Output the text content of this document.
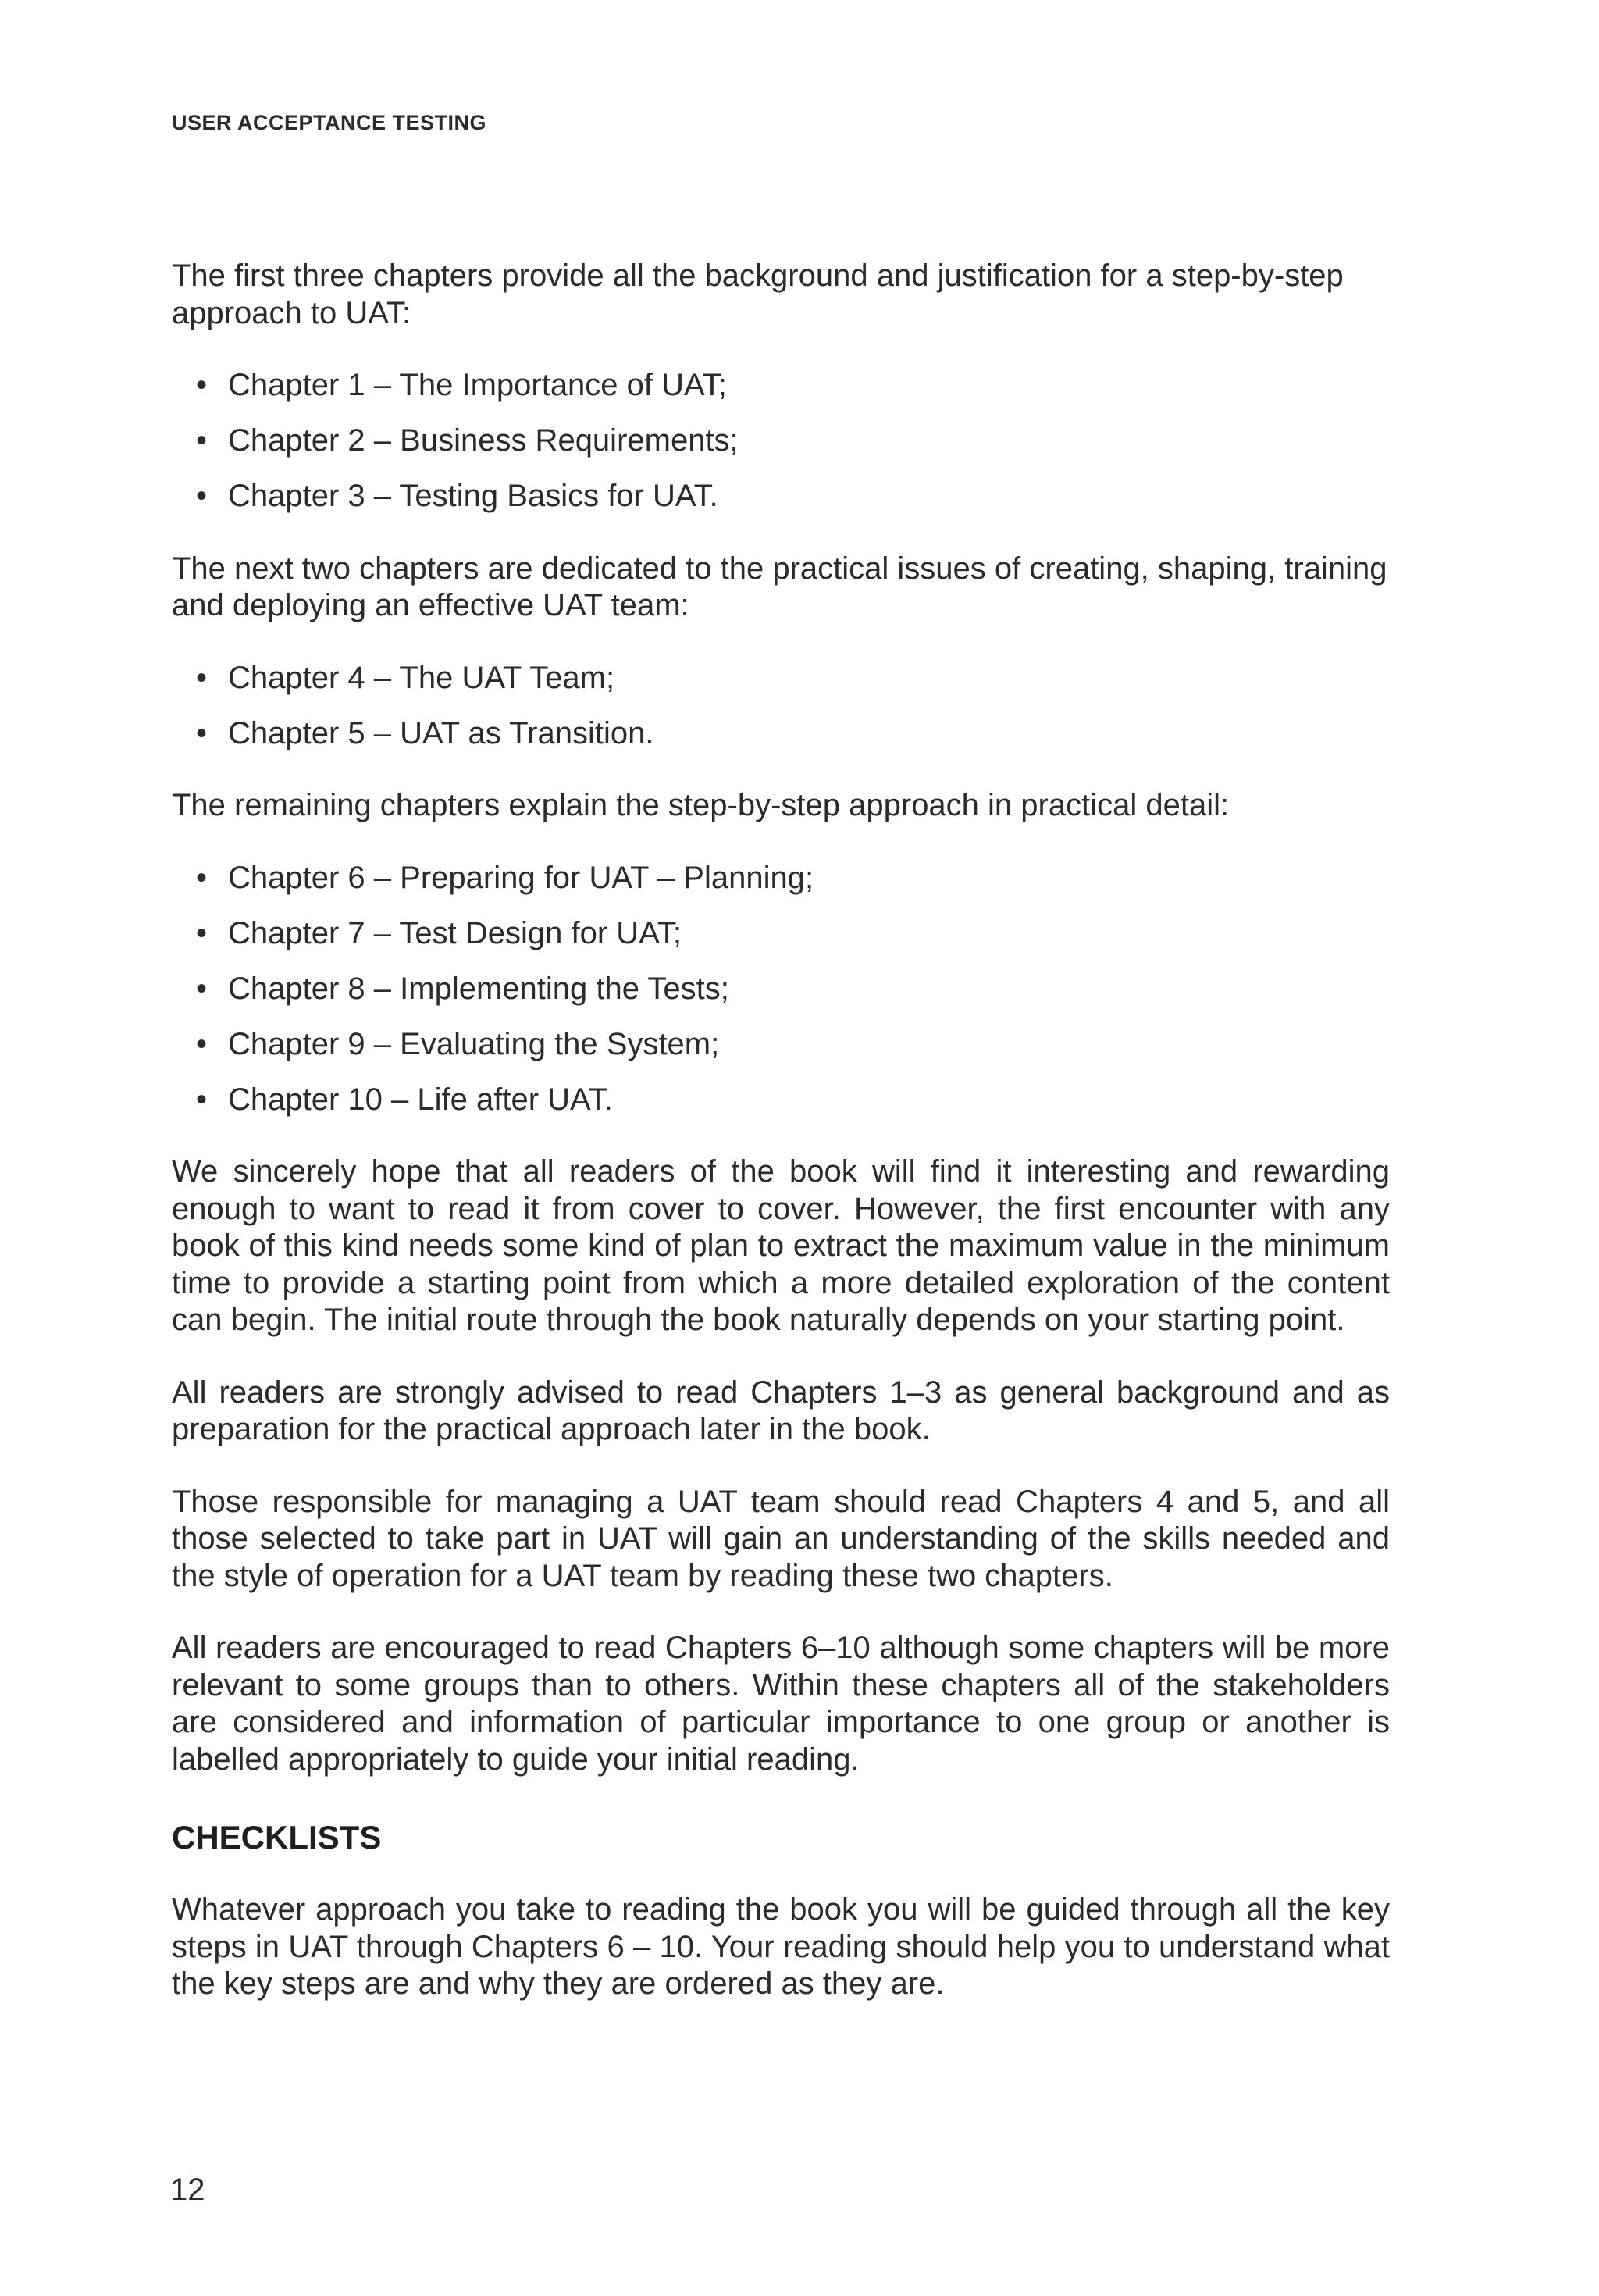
USER ACCEPTANCE TESTING

The first three chapters provide all the background and justification for a step-by-step approach to UAT:

• Chapter 1 – The Importance of UAT;
• Chapter 2 – Business Requirements;
• Chapter 3 – Testing Basics for UAT.

The next two chapters are dedicated to the practical issues of creating, shaping, training and deploying an effective UAT team:

• Chapter 4 – The UAT Team;
• Chapter 5 – UAT as Transition.

The remaining chapters explain the step-by-step approach in practical detail:

• Chapter 6 – Preparing for UAT – Planning;
• Chapter 7 – Test Design for UAT;
• Chapter 8 – Implementing the Tests;
• Chapter 9 – Evaluating the System;
• Chapter 10 – Life after UAT.

We sincerely hope that all readers of the book will find it interesting and rewarding enough to want to read it from cover to cover. However, the first encounter with any book of this kind needs some kind of plan to extract the maximum value in the minimum time to provide a starting point from which a more detailed exploration of the content can begin. The initial route through the book naturally depends on your starting point.

All readers are strongly advised to read Chapters 1–3 as general background and as preparation for the practical approach later in the book.

Those responsible for managing a UAT team should read Chapters 4 and 5, and all those selected to take part in UAT will gain an understanding of the skills needed and the style of operation for a UAT team by reading these two chapters.

All readers are encouraged to read Chapters 6–10 although some chapters will be more relevant to some groups than to others. Within these chapters all of the stakeholders are considered and information of particular importance to one group or another is labelled appropriately to guide your initial reading.

CHECKLISTS

Whatever approach you take to reading the book you will be guided through all the key steps in UAT through Chapters 6 – 10. Your reading should help you to understand what the key steps are and why they are ordered as they are.

12
